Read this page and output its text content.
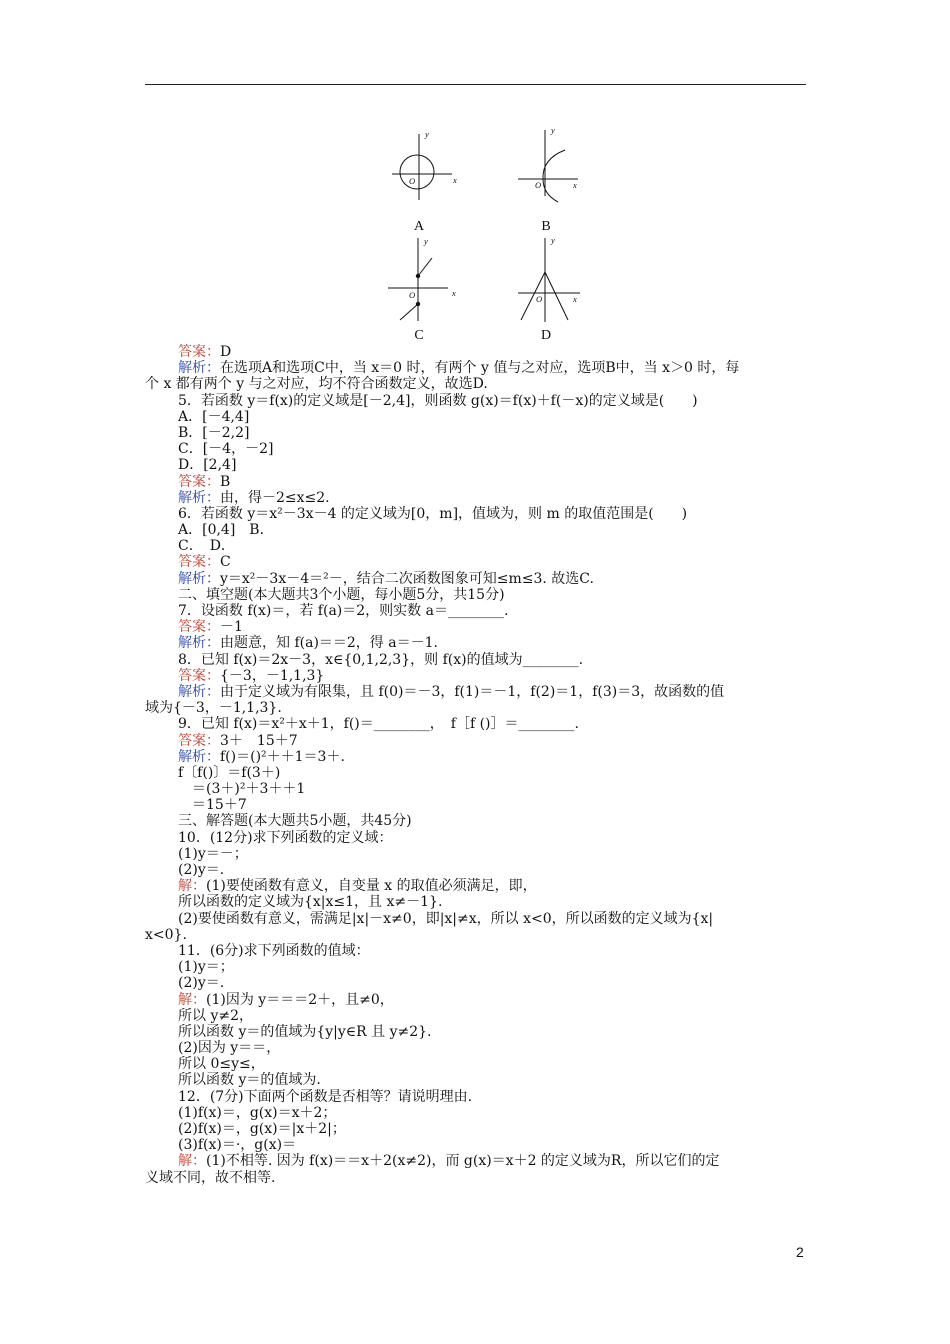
y
x
O
y
x
O
y
x
O
y
x
O
A	B
C	D
答案：D
解析：在选项A和选项C中，当 x＝0 时，有两个 y 值与之对应，选项B中，当 x＞0 时，每
个 x 都有两个 y 与之对应，均不符合函数定义，故选D.
5．若函数 y＝f(x)的定义域是[－2,4]，则函数 g(x)＝f(x)＋f(－x)的定义域是(　　)
A．[－4,4]
B．[－2,2]
C．[－4，－2]
D．[2,4]
答案：B
解析：由，得－2≤x≤2.
6．若函数 y＝x²－3x－4 的定义域为[0，m]，值域为，则 m 的取值范围是(　　)
A．[0,4]　B．
C．　D．
答案：C
解析：y＝x²－3x－4＝²－，结合二次函数图象可知≤m≤3. 故选C.
二、填空题(本大题共3个小题，每小题5分，共15分)
7．设函数 f(x)＝，若 f(a)＝2，则实数 a＝________.
答案：－1
解析：由题意，知 f(a)＝＝2，得 a＝－1.
8．已知 f(x)＝2x－3，x∈{0,1,2,3}，则 f(x)的值域为________.
答案：{－3，－1,1,3}
解析：由于定义域为有限集，且 f(0)＝－3，f(1)＝－1，f(2)＝1，f(3)＝3，故函数的值
域为{－3，－1,1,3}.
9．已知 f(x)＝x²＋x＋1，f()＝________，　f［f ()］＝________.
答案：3＋　15＋7
解析：f()＝()²＋＋1＝3＋.
f〔f()〕＝f(3＋)
　＝(3＋)²＋3＋＋1
　＝15＋7
三、解答题(本大题共5小题，共45分)
10．(12分)求下列函数的定义域：
(1)y＝－；
(2)y＝.
解：(1)要使函数有意义，自变量 x 的取值必须满足，即，
所以函数的定义域为{x|x≤1，且 x≠－1}.
(2)要使函数有意义，需满足|x|－x≠0，即|x|≠x，所以 x<0，所以函数的定义域为{x|
x<0}.
11．(6分)求下列函数的值域：
(1)y＝；
(2)y＝.
解：(1)因为 y＝＝＝2＋，且≠0，
所以 y≠2，
所以函数 y＝的值域为{y|y∈R 且 y≠2}.
(2)因为 y＝＝，
所以 0≤y≤，
所以函数 y＝的值域为.
12．(7分)下面两个函数是否相等？请说明理由.
(1)f(x)＝，g(x)＝x＋2；
(2)f(x)＝，g(x)＝|x＋2|；
(3)f(x)＝·，g(x)＝
解：(1)不相等. 因为 f(x)＝＝x＋2(x≠2)，而 g(x)＝x＋2 的定义域为R，所以它们的定
义域不同，故不相等.
2
